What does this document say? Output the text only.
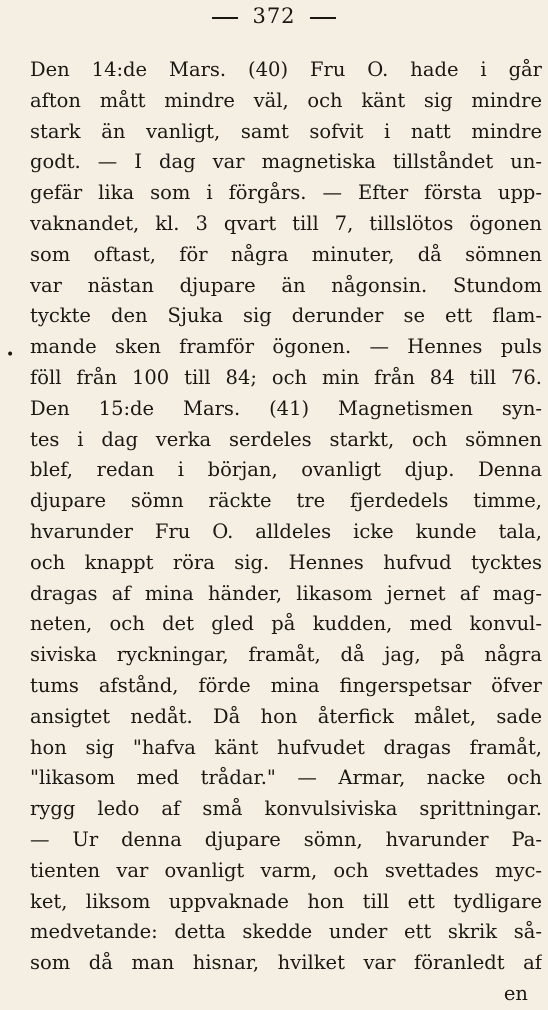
372
•
Den 14:de Mars. (40) Fru O. hade i går
afton mått mindre väl, och känt sig mindre
stark än vanligt, samt sofvit i natt mindre
godt. — I dag var magnetiska tillståndet un-
gefär lika som i förgårs. — Efter första upp-
vaknandet, kl. 3 qvart till 7, tillslötos ögonen
som oftast, för några minuter, då sömnen
var nästan djupare än någonsin. Stundom
tyckte den Sjuka sig derunder se ett flam-
mande sken framför ögonen. — Hennes puls
föll från 100 till 84; och min från 84 till 76.
Den 15:de Mars. (41) Magnetismen syn-
tes i dag verka serdeles starkt, och sömnen
blef, redan i början, ovanligt djup. Denna
djupare sömn räckte tre fjerdedels timme,
hvarunder Fru O. alldeles icke kunde tala,
och knappt röra sig. Hennes hufvud tycktes
dragas af mina händer, likasom jernet af mag-
neten, och det gled på kudden, med konvul-
siviska ryckningar, framåt, då jag, på några
tums afstånd, förde mina fingerspetsar öfver
ansigtet nedåt. Då hon återfick målet, sade
hon sig "hafva känt hufvudet dragas framåt,
"likasom med trådar." — Armar, nacke och
rygg ledo af små konvulsiviska sprittningar.
— Ur denna djupare sömn, hvarunder Pa-
tienten var ovanligt varm, och svettades myc-
ket, liksom uppvaknade hon till ett tydligare
medvetande: detta skedde under ett skrik så-
som då man hisnar, hvilket var föranledt af
en
